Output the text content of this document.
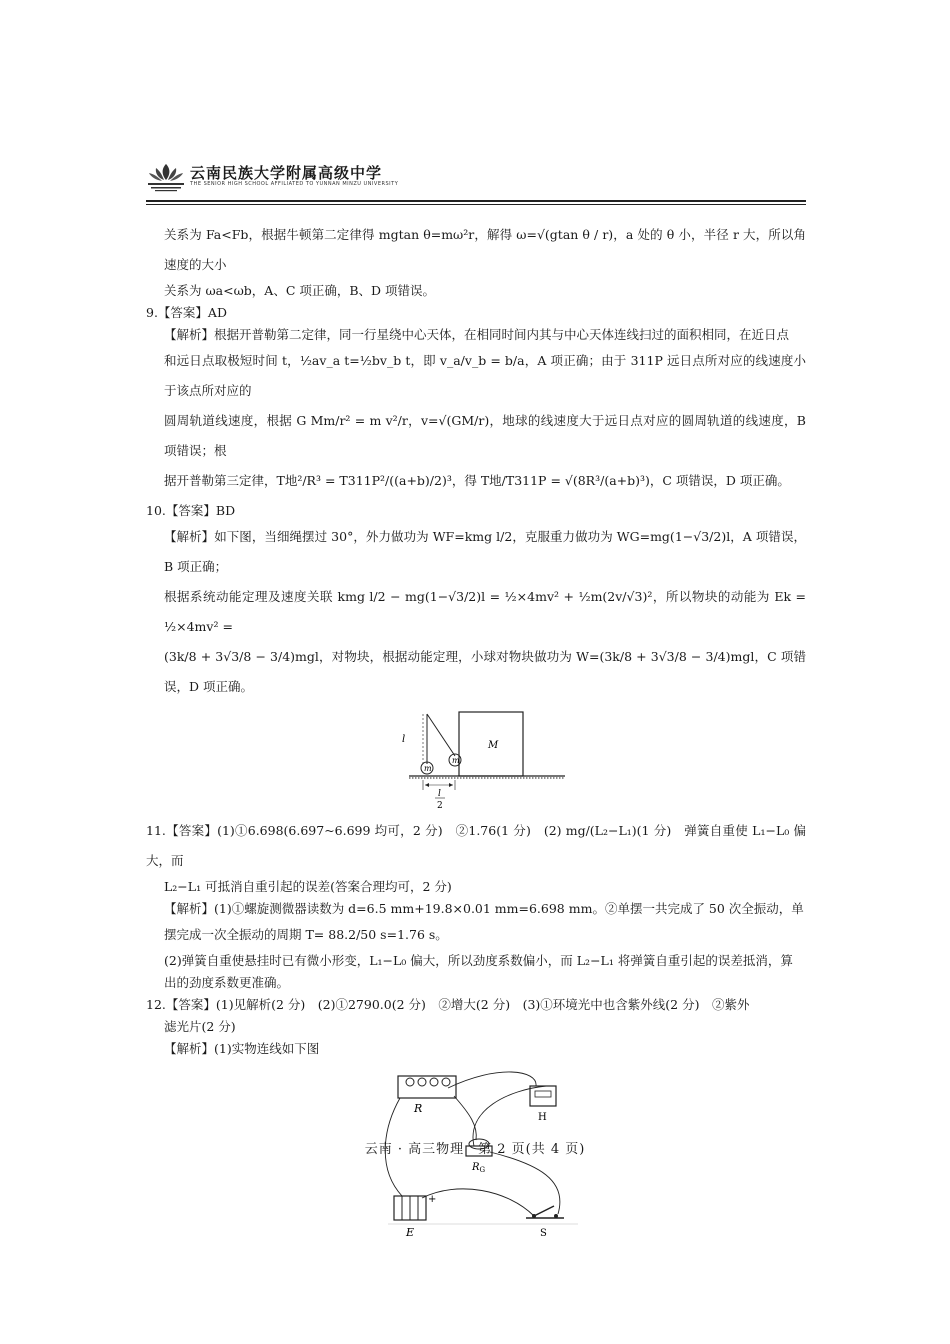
云南民族大学附属高级中学
THE SENIOR HIGH SCHOOL AFFILIATED TO YUNNAN MINZU UNIVERSITY

关系为 Fa<Fb，根据牛顿第二定律得 mgtan θ=mω²r，解得 ω=√(gtan θ / r)，a 处的 θ 小，半径 r 大，所以角速度的大小

关系为 ωa<ωb，A、C 项正确，B、D 项错误。

9.【答案】AD

【解析】根据开普勒第二定律，同一行星绕中心天体，在相同时间内其与中心天体连线扫过的面积相同，在近日点

和远日点取极短时间 t，½av_a t=½bv_b t，即 v_a/v_b = b/a，A 项正确；由于 311P 远日点所对应的线速度小于该点所对应的

圆周轨道线速度，根据 G Mm/r² = m v²/r，v=√(GM/r)，地球的线速度大于远日点对应的圆周轨道的线速度，B 项错误；根

据开普勒第三定律，T地²/R³ = T311P²/((a+b)/2)³，得 T地/T311P = √(8R³/(a+b)³)，C 项错误，D 项正确。

10.【答案】BD

【解析】如下图，当细绳摆过 30°，外力做功为 WF=kmg l/2，克服重力做功为 WG=mg(1−√3/2)l，A 项错误，B 项正确；

根据系统动能定理及速度关联 kmg l/2 − mg(1−√3/2)l = ½×4mv² + ½m(2v/√3)²，所以物块的动能为 Ek = ½×4mv² =

(3k/8 + 3√3/8 − 3/4)mgl，对物块，根据动能定理，小球对物块做功为 W=(3k/8 + 3√3/8 − 3/4)mgl，C 项错误，D 项正确。

l
m
m
M
l
2

11.【答案】(1)①6.698(6.697~6.699 均可，2 分)　②1.76(1 分)　(2) mg/(L₂−L₁)(1 分)　弹簧自重使 L₁−L₀ 偏大，而

L₂−L₁ 可抵消自重引起的误差(答案合理均可，2 分)

【解析】(1)①螺旋测微器读数为 d=6.5 mm+19.8×0.01 mm=6.698 mm。②单摆一共完成了 50 次全振动，单

摆完成一次全振动的周期 T= 88.2/50 s=1.76 s。

(2)弹簧自重使悬挂时已有微小形变，L₁−L₀ 偏大，所以劲度系数偏小，而 L₂−L₁ 将弹簧自重引起的误差抵消，算

出的劲度系数更准确。

12.【答案】(1)见解析(2 分)　(2)①2790.0(2 分)　②增大(2 分)　(3)①环境光中也含紫外线(2 分)　②紫外

滤光片(2 分)

【解析】(1)实物连线如下图

R
H
$R_G$
+
E	S
云南 · 高三物理　第 2 页(共 4 页)
